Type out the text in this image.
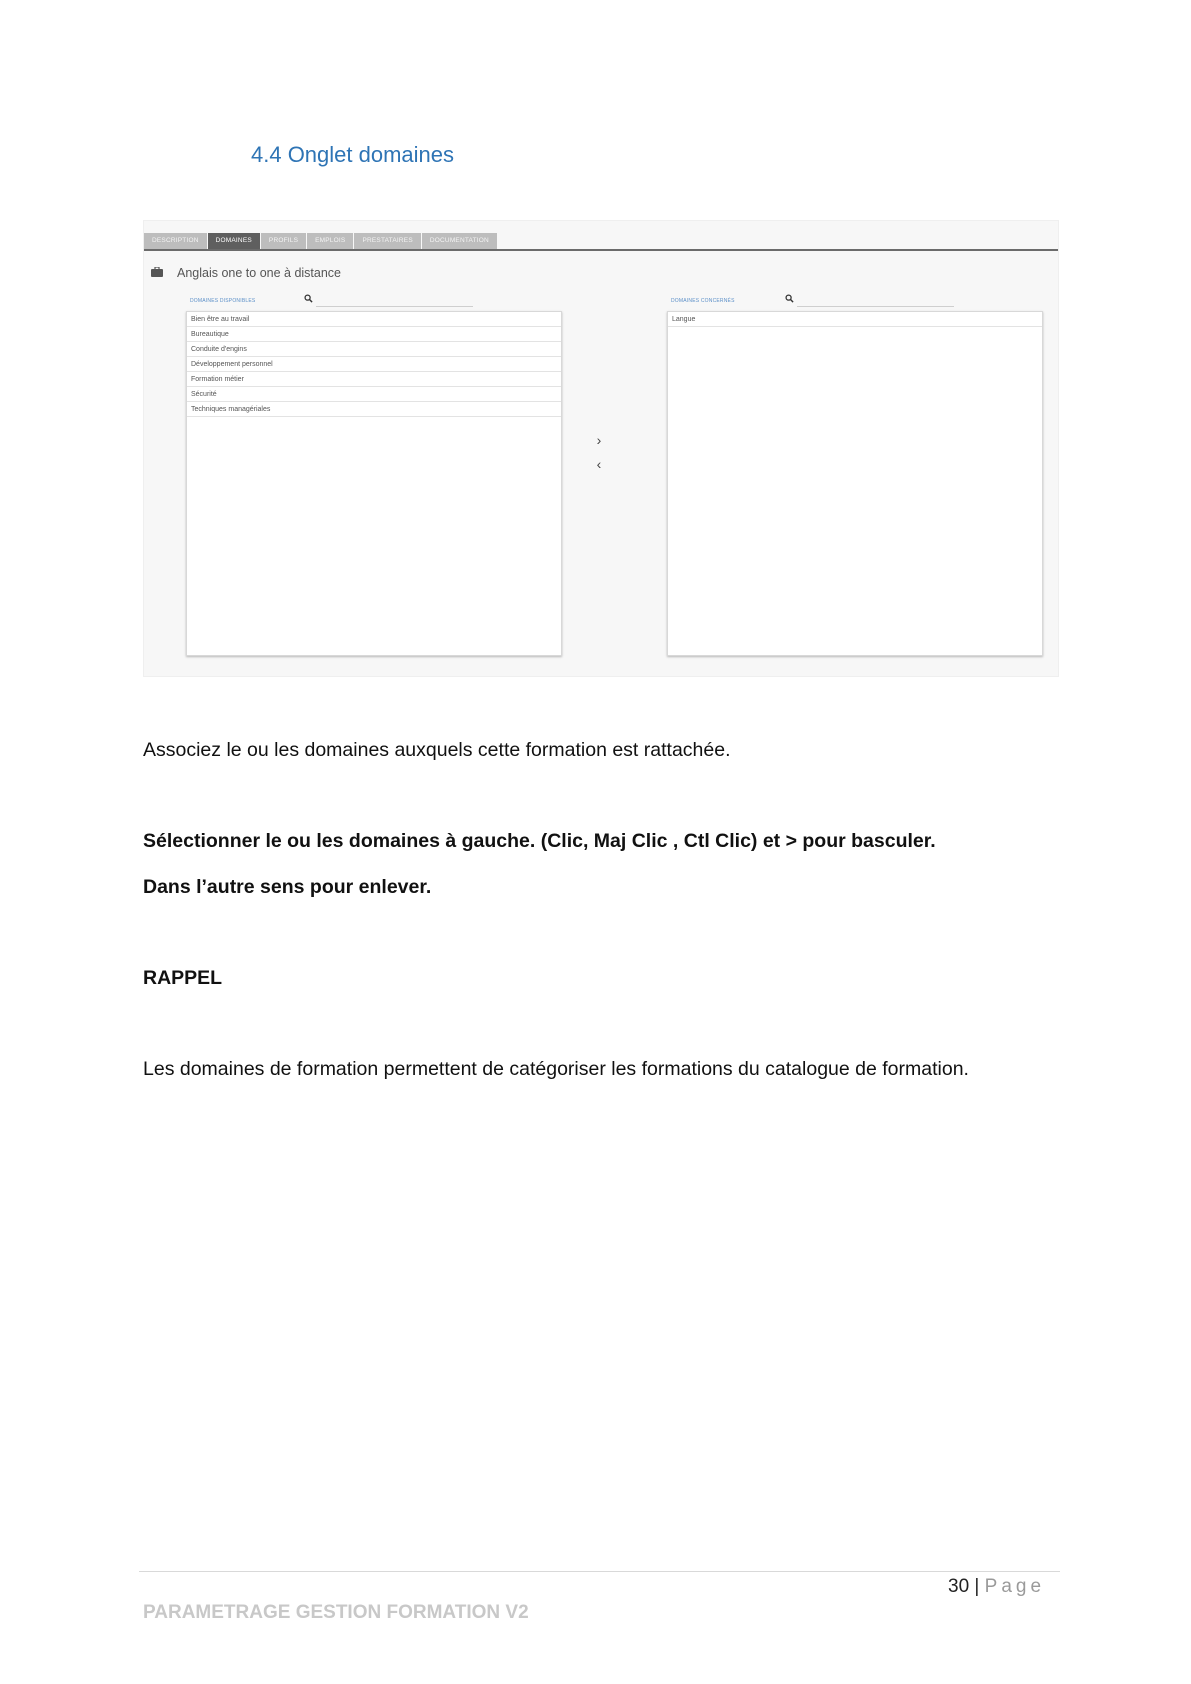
4.4 Onglet domaines
DESCRIPTION	DOMAINES	PROFILS	EMPLOIS	PRESTATAIRES	DOCUMENTATION
Anglais one to one à distance
DOMAINES DISPONIBLES
Bien être au travail
Bureautique
Conduite d'engins
Développement personnel
Formation métier
Sécurité
Techniques managériales
›
‹
DOMAINES CONCERNÉS
Langue
Associez le ou les domaines auxquels cette formation est rattachée.
Sélectionner le ou les domaines à gauche. (Clic, Maj Clic , Ctl Clic) et > pour basculer.
Dans l’autre sens pour enlever.
RAPPEL
Les domaines de formation permettent de catégoriser les formations du catalogue de formation.
30 | Page
PARAMETRAGE GESTION FORMATION V2
